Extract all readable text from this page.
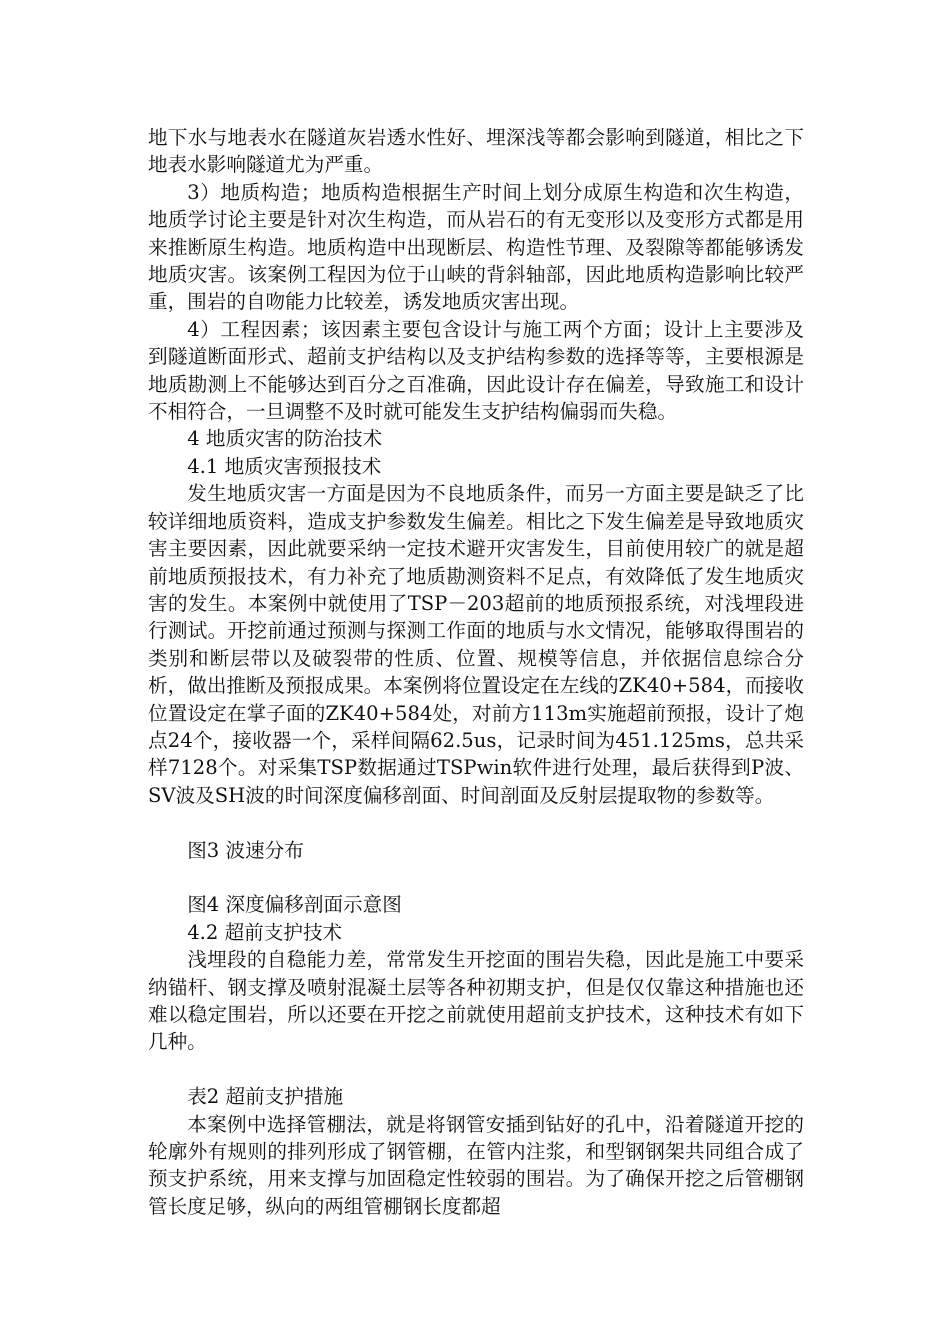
地下水与地表水在隧道灰岩透水性好、埋深浅等都会影响到隧道，相比之下地表水影响隧道尤为严重。

3）地质构造；地质构造根据生产时间上划分成原生构造和次生构造，地质学讨论主要是针对次生构造，而从岩石的有无变形以及变形方式都是用来推断原生构造。地质构造中出现断层、构造性节理、及裂隙等都能够诱发地质灾害。该案例工程因为位于山峡的背斜轴部，因此地质构造影响比较严重，围岩的自吻能力比较差，诱发地质灾害出现。

4）工程因素；该因素主要包含设计与施工两个方面；设计上主要涉及到隧道断面形式、超前支护结构以及支护结构参数的选择等等，主要根源是地质勘测上不能够达到百分之百准确，因此设计存在偏差，导致施工和设计不相符合，一旦调整不及时就可能发生支护结构偏弱而失稳。

4 地质灾害的防治技术

4.1 地质灾害预报技术

发生地质灾害一方面是因为不良地质条件，而另一方面主要是缺乏了比较详细地质资料，造成支护参数发生偏差。相比之下发生偏差是导致地质灾害主要因素，因此就要采纳一定技术避开灾害发生，目前使用较广的就是超前地质预报技术，有力补充了地质勘测资料不足点，有效降低了发生地质灾害的发生。本案例中就使用了TSP－203超前的地质预报系统，对浅埋段进行测试。开挖前通过预测与探测工作面的地质与水文情况，能够取得围岩的类别和断层带以及破裂带的性质、位置、规模等信息，并依据信息综合分析，做出推断及预报成果。本案例将位置设定在左线的ZK40+584，而接收位置设定在掌子面的ZK40+584处，对前方113m实施超前预报，设计了炮点24个，接收器一个，采样间隔62.5us，记录时间为451.125ms，总共采样7128个。对采集TSP数据通过TSPwin软件进行处理，最后获得到P波、SV波及SH波的时间深度偏移剖面、时间剖面及反射层提取物的参数等。

图3 波速分布

图4 深度偏移剖面示意图

4.2 超前支护技术

浅埋段的自稳能力差，常常发生开挖面的围岩失稳，因此是施工中要采纳锚杆、钢支撑及喷射混凝土层等各种初期支护，但是仅仅靠这种措施也还难以稳定围岩，所以还要在开挖之前就使用超前支护技术，这种技术有如下几种。

表2 超前支护措施

本案例中选择管棚法，就是将钢管安插到钻好的孔中，沿着隧道开挖的轮廓外有规则的排列形成了钢管棚，在管内注浆，和型钢钢架共同组合成了预支护系统，用来支撑与加固稳定性较弱的围岩。为了确保开挖之后管棚钢管长度足够，纵向的两组管棚钢长度都超
